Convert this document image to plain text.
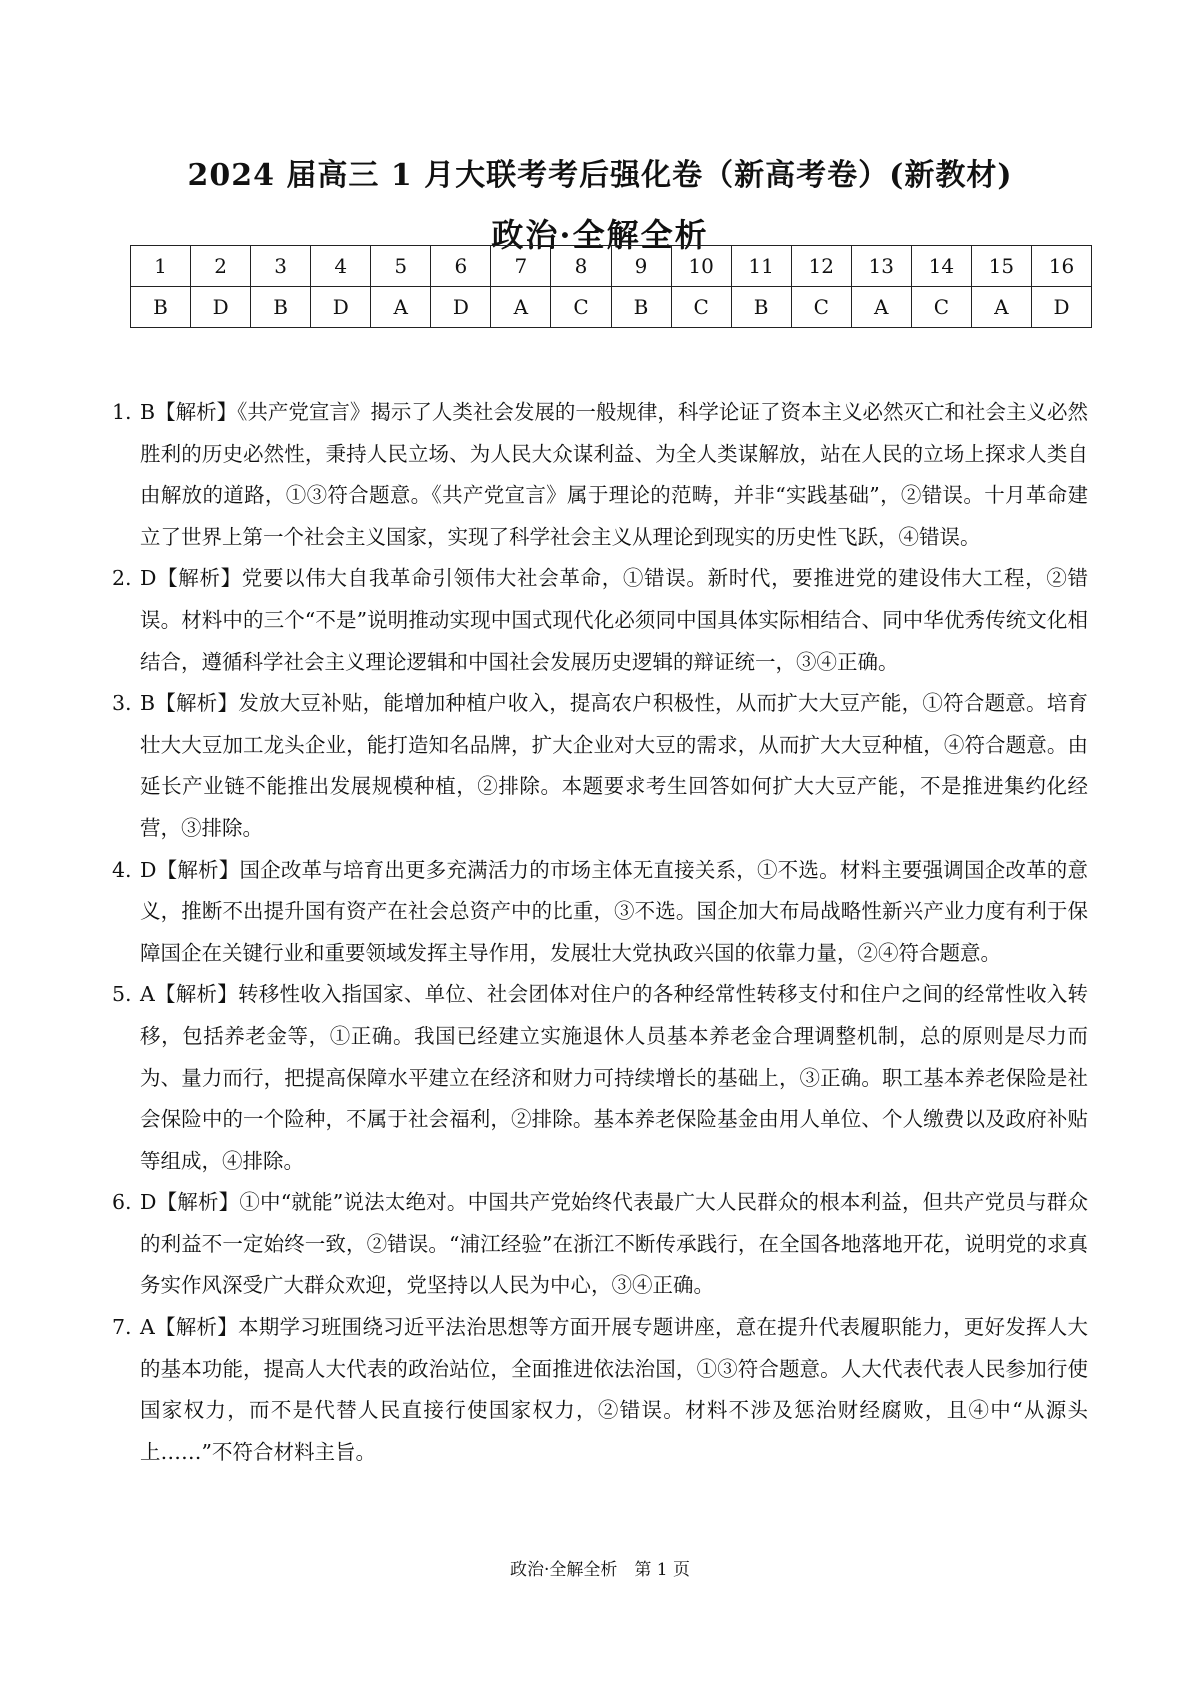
2024 届高三 1 月大联考考后强化卷（新高考卷）(新教材)
政治·全解全析
1	2	3	4	5	6	7	8	9	10	11	12	13	14	15	16
B	D	B	D	A	D	A	C	B	C	B	C	A	C	A	D
1. B【解析】《共产党宣言》揭示了人类社会发展的一般规律，科学论证了资本主义必然灭亡和社会主义必然胜利的历史必然性，秉持人民立场、为人民大众谋利益、为全人类谋解放，站在人民的立场上探求人类自由解放的道路，①③符合题意。《共产党宣言》属于理论的范畴，并非“实践基础”，②错误。十月革命建立了世界上第一个社会主义国家，实现了科学社会主义从理论到现实的历史性飞跃，④错误。
2. D【解析】党要以伟大自我革命引领伟大社会革命，①错误。新时代，要推进党的建设伟大工程，②错误。材料中的三个“不是”说明推动实现中国式现代化必须同中国具体实际相结合、同中华优秀传统文化相结合，遵循科学社会主义理论逻辑和中国社会发展历史逻辑的辩证统一，③④正确。
3. B【解析】发放大豆补贴，能增加种植户收入，提高农户积极性，从而扩大大豆产能，①符合题意。培育壮大大豆加工龙头企业，能打造知名品牌，扩大企业对大豆的需求，从而扩大大豆种植，④符合题意。由延长产业链不能推出发展规模种植，②排除。本题要求考生回答如何扩大大豆产能，不是推进集约化经营，③排除。
4. D【解析】国企改革与培育出更多充满活力的市场主体无直接关系，①不选。材料主要强调国企改革的意义，推断不出提升国有资产在社会总资产中的比重，③不选。国企加大布局战略性新兴产业力度有利于保障国企在关键行业和重要领域发挥主导作用，发展壮大党执政兴国的依靠力量，②④符合题意。
5. A【解析】转移性收入指国家、单位、社会团体对住户的各种经常性转移支付和住户之间的经常性收入转移，包括养老金等，①正确。我国已经建立实施退休人员基本养老金合理调整机制，总的原则是尽力而为、量力而行，把提高保障水平建立在经济和财力可持续增长的基础上，③正确。职工基本养老保险是社会保险中的一个险种，不属于社会福利，②排除。基本养老保险基金由用人单位、个人缴费以及政府补贴等组成，④排除。
6. D【解析】①中“就能”说法太绝对。中国共产党始终代表最广大人民群众的根本利益，但共产党员与群众的利益不一定始终一致，②错误。“浦江经验”在浙江不断传承践行，在全国各地落地开花，说明党的求真务实作风深受广大群众欢迎，党坚持以人民为中心，③④正确。
7. A【解析】本期学习班围绕习近平法治思想等方面开展专题讲座，意在提升代表履职能力，更好发挥人大的基本功能，提高人大代表的政治站位，全面推进依法治国，①③符合题意。人大代表代表人民参加行使国家权力，而不是代替人民直接行使国家权力，②错误。材料不涉及惩治财经腐败，且④中“从源头上……”不符合材料主旨。
政治·全解全析　第 1 页
